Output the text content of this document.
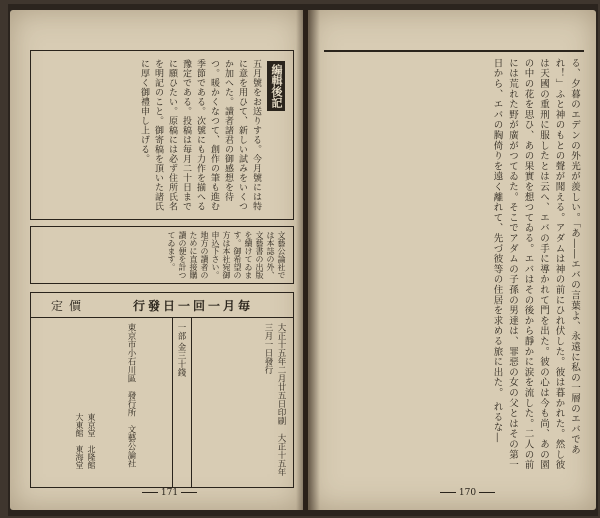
編輯後記
五月號をお送りする。今月號には特に意を用ひて、新しい試みをいくつか加へた。讀者諸君の御感想を待つ。暖かくなつて、創作の筆も進む季節である。次號にも力作を揃へる豫定である。投稿は毎月二十日までに願ひたい。原稿には必ず住所氏名を明記のこと。御寄稿を頂いた諸氏に厚く御禮申し上げる。
文藝公論社では本誌の外、文藝書の出版を續けてゐます。御希望の方は本社宛御申込下さい。地方の讀者のために直接購讀の便を計つてゐます。
行發日一回一月毎
定價
大正十五年二月廿五日印刷　大正十五年三月一日發行
一部 金三十錢
東京市小石川區　發行所　文藝公論社
東京堂　北隆館　大東館　東海堂
171
る、夕暮のエデンの外光が羨しい。「あ――エバの言葉よ、永遠に私の一層のエバであれ！」ふと神のもとの聲が聞える。アダムは神の前にひれ伏した。彼は暮かれた。然し彼は天國の重刑に服したとは云へ、エバの手に導かれて門を出た。彼の心は今も尚、あの園の中の花を思ひ、あの果實を想つてゐる。エバはその後から靜かに涙を流した。二人の前には荒れた野が廣がつてゐた。そこでアダムの子孫の男達は、罪惡の女の父とはその第一日から、エバの胸倚りを遠く離れて、先づ彼等の住居を求める旅に出た。 れるな―
170
